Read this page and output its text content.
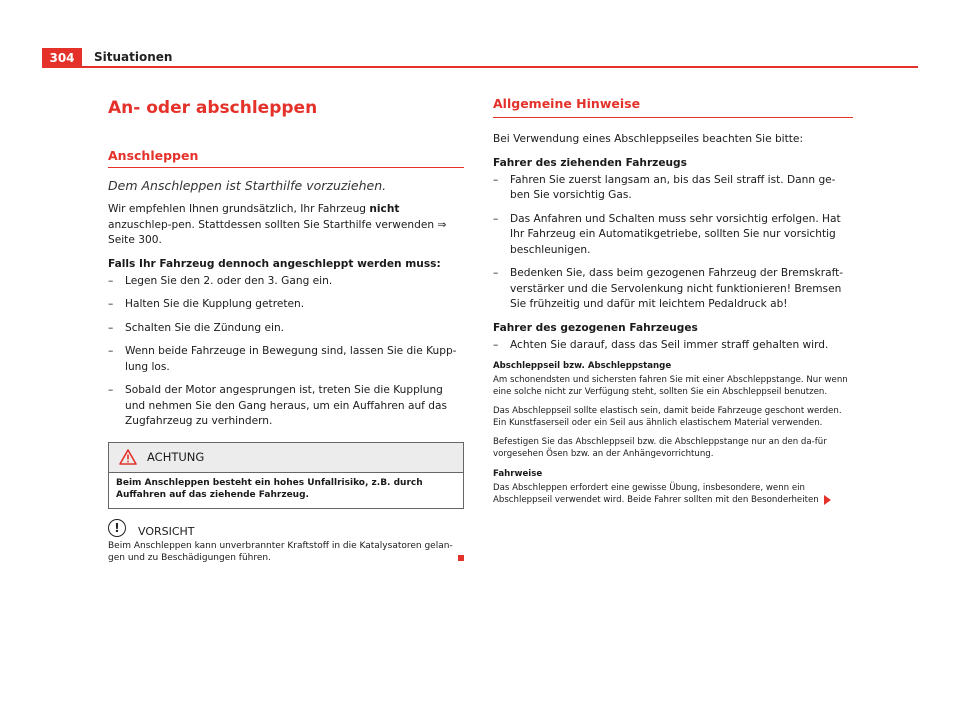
304	Situationen
An- oder abschleppen
Anschleppen
Dem Anschleppen ist Starthilfe vorzuziehen.
Wir empfehlen Ihnen grundsätzlich, Ihr Fahrzeug nicht anzuschlep-pen. Stattdessen sollten Sie Starthilfe verwenden ⇒ Seite 300.
Falls Ihr Fahrzeug dennoch angeschleppt werden muss:
– Legen Sie den 2. oder den 3. Gang ein.
– Halten Sie die Kupplung getreten.
– Schalten Sie die Zündung ein.
– Wenn beide Fahrzeuge in Bewegung sind, lassen Sie die Kupp-lung los.
– Sobald der Motor angesprungen ist, treten Sie die Kupplung und nehmen Sie den Gang heraus, um ein Auffahren auf das Zugfahrzeug zu verhindern.
ACHTUNG
Beim Anschleppen besteht ein hohes Unfallrisiko, z.B. durch Auffahren auf das ziehende Fahrzeug.
!	VORSICHT
Beim Anschleppen kann unverbrannter Kraftstoff in die Katalysatoren gelan-gen und zu Beschädigungen führen.
Allgemeine Hinweise
Bei Verwendung eines Abschleppseiles beachten Sie bitte:
Fahrer des ziehenden Fahrzeugs
– Fahren Sie zuerst langsam an, bis das Seil straff ist. Dann ge-ben Sie vorsichtig Gas.
– Das Anfahren und Schalten muss sehr vorsichtig erfolgen. Hat Ihr Fahrzeug ein Automatikgetriebe, sollten Sie nur vorsichtig beschleunigen.
– Bedenken Sie, dass beim gezogenen Fahrzeug der Bremskraft-verstärker und die Servolenkung nicht funktionieren! Bremsen Sie frühzeitig und dafür mit leichtem Pedaldruck ab!
Fahrer des gezogenen Fahrzeuges
– Achten Sie darauf, dass das Seil immer straff gehalten wird.
Abschleppseil bzw. Abschleppstange
Am schonendsten und sichersten fahren Sie mit einer Abschleppstange. Nur wenn eine solche nicht zur Verfügung steht, sollten Sie ein Abschleppseil benutzen.
Das Abschleppseil sollte elastisch sein, damit beide Fahrzeuge geschont werden. Ein Kunstfaserseil oder ein Seil aus ähnlich elastischem Material verwenden.
Befestigen Sie das Abschleppseil bzw. die Abschleppstange nur an den da-für vorgesehen Ösen bzw. an der Anhängevorrichtung.
Fahrweise
Das Abschleppen erfordert eine gewisse Übung, insbesondere, wenn ein Abschleppseil verwendet wird. Beide Fahrer sollten mit den Besonderheiten
